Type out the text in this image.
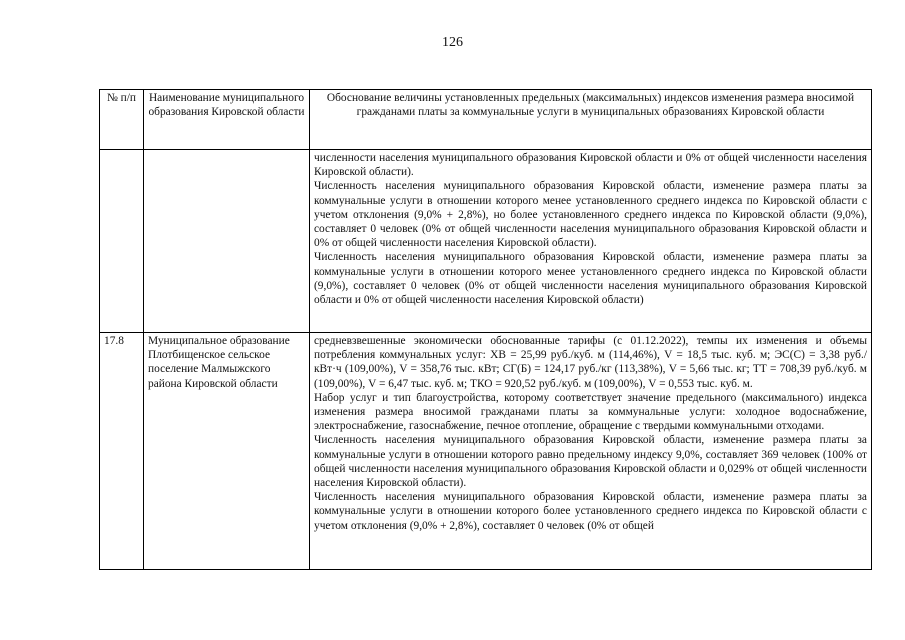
126
№ п/п	Наименование муниципального образования Кировской области	Обоснование величины установленных предельных (максимальных) индексов изменения размера вносимой гражданами платы за коммунальные услуги в муниципальных образованиях Кировской области

		численности населения муниципального образования Кировской области и 0% от общей численности населения Кировской области).

Численность населения муниципального образования Кировской области, изменение размера платы за коммунальные услуги в отношении которого менее установленного среднего индекса по Кировской области с учетом отклонения (9,0% + 2,8%), но более установленного среднего индекса по Кировской области (9,0%), составляет 0 человек (0% от общей численности населения муниципального образования Кировской области и 0% от общей численности населения Кировской области).

Численность населения муниципального образования Кировской области, изменение размера платы за коммунальные услуги в отношении которого менее установленного среднего индекса по Кировской области (9,0%), составляет 0 человек (0% от общей численности населения муниципального образования Кировской области и 0% от общей численности населения Кировской области)

17.8	Муниципальное образование Плотбищенское сельское поселение Малмыжского района Кировской области	средневзвешенные экономически обоснованные тарифы (с 01.12.2022), темпы их изменения и объемы потребления коммунальных услуг: ХВ = 25,99 руб./куб. м (114,46%), V = 18,5 тыс. куб. м; ЭС(С) = 3,38 руб./кВт·ч (109,00%), V = 358,76 тыс. кВт; СГ(Б) = 124,17 руб./кг (113,38%), V = 5,66 тыс. кг; ТТ = 708,39 руб./куб. м (109,00%), V = 6,47 тыс. куб. м; ТКО = 920,52 руб./куб. м (109,00%), V = 0,553 тыс. куб. м.

Набор услуг и тип благоустройства, которому соответствует значение предельного (максимального) индекса изменения размера вносимой гражданами платы за коммунальные услуги: холодное водоснабжение, электроснабжение, газоснабжение, печное отопление, обращение с твердыми коммунальными отходами.

Численность населения муниципального образования Кировской области, изменение размера платы за коммунальные услуги в отношении которого равно предельному индексу 9,0%, составляет 369 человек (100% от общей численности населения муниципального образования Кировской области и 0,029% от общей численности населения Кировской области).

Численность населения муниципального образования Кировской области, изменение размера платы за коммунальные услуги в отношении которого более установленного среднего индекса по Кировской области с учетом отклонения (9,0% + 2,8%), составляет 0 человек (0% от общей
